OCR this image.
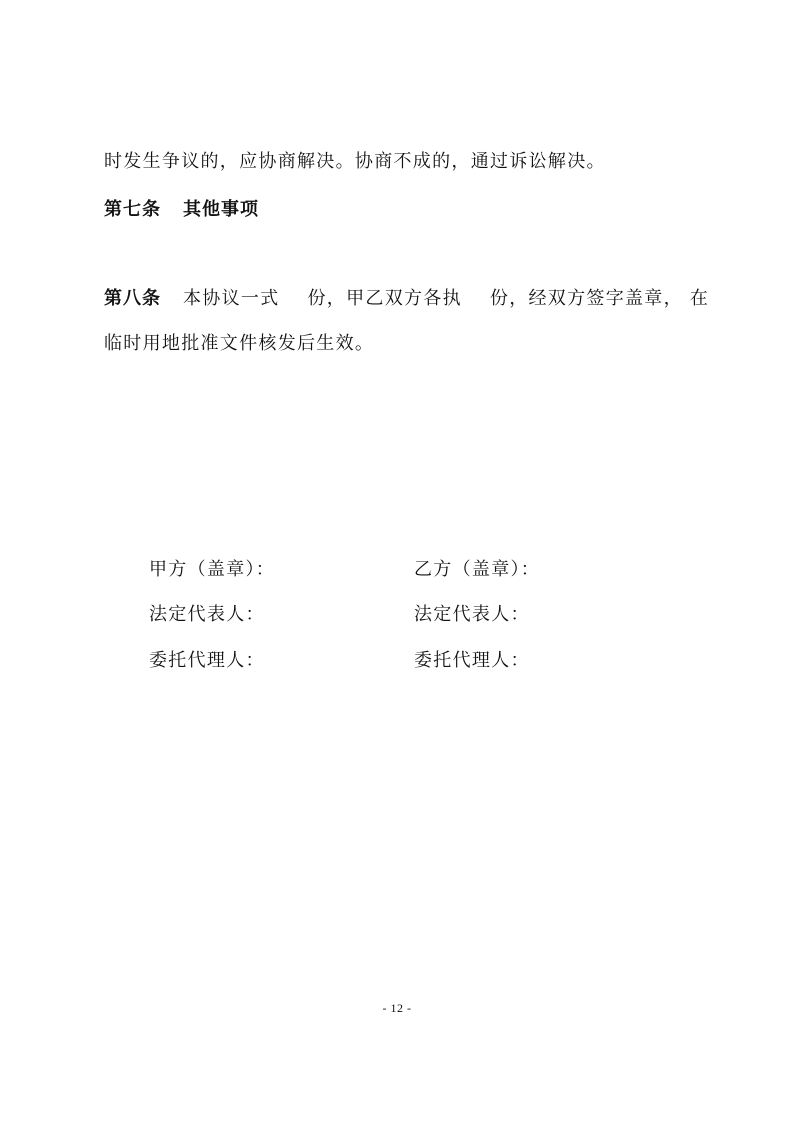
时发生争议的，应协商解决。协商不成的，通过诉讼解决。
第七条 其他事项
第八条 本协议一式 份，甲乙双方各执 份，经双方签字盖章， 在
临时用地批准文件核发后生效。
甲方（盖章）：	乙方（盖章）：
法定代表人：	法定代表人：
委托代理人：	委托代理人：
- 12 -
